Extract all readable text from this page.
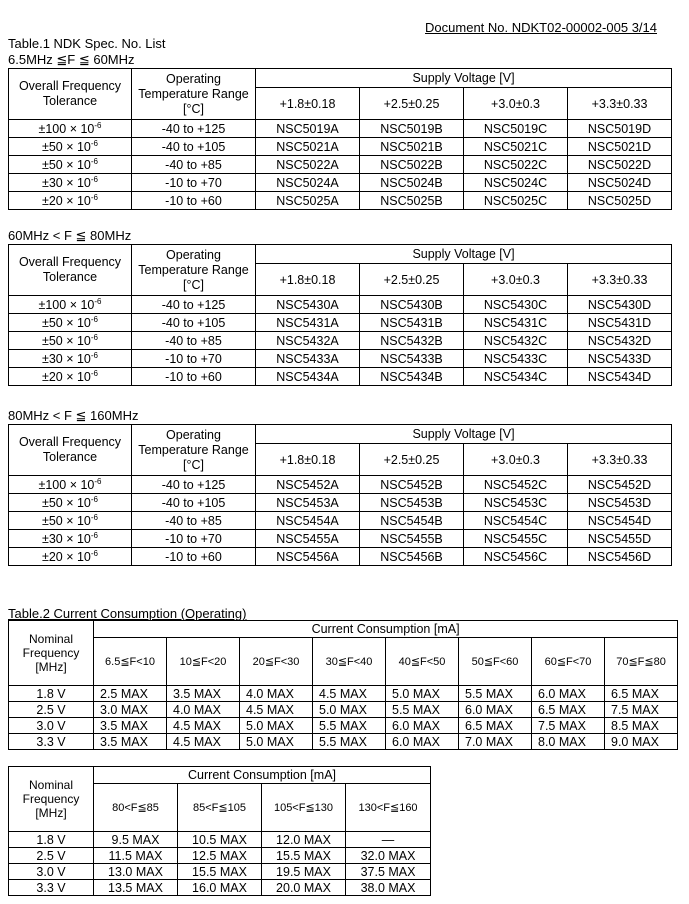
Document No. NDKT02-00002-005 3/14
Table.1 NDK Spec. No. List
6.5MHz ≦F ≦ 60MHz
Overall Frequency Tolerance	Operating Temperature Range [°C]	Supply Voltage [V]			
		+1.8±0.18	+2.5±0.25	+3.0±0.3	+3.3±0.33
$\pm 100 \times 10^{-6}$	-40 to +125	NSC5019A	NSC5019B	NSC5019C	NSC5019D
$\pm 50 \times 10^{-6}$	-40 to +105	NSC5021A	NSC5021B	NSC5021C	NSC5021D
$\pm 50 \times 10^{-6}$	-40 to +85	NSC5022A	NSC5022B	NSC5022C	NSC5022D
$\pm 30 \times 10^{-6}$	-10 to +70	NSC5024A	NSC5024B	NSC5024C	NSC5024D
$\pm 20 \times 10^{-6}$	-10 to +60	NSC5025A	NSC5025B	NSC5025C	NSC5025D
60MHz < F ≦ 80MHz
Overall Frequency Tolerance	Operating Temperature Range [°C]	Supply Voltage [V]			
		+1.8±0.18	+2.5±0.25	+3.0±0.3	+3.3±0.33
$\pm 100 \times 10^{-6}$	-40 to +125	NSC5430A	NSC5430B	NSC5430C	NSC5430D
$\pm 50 \times 10^{-6}$	-40 to +105	NSC5431A	NSC5431B	NSC5431C	NSC5431D
$\pm 50 \times 10^{-6}$	-40 to +85	NSC5432A	NSC5432B	NSC5432C	NSC5432D
$\pm 30 \times 10^{-6}$	-10 to +70	NSC5433A	NSC5433B	NSC5433C	NSC5433D
$\pm 20 \times 10^{-6}$	-10 to +60	NSC5434A	NSC5434B	NSC5434C	NSC5434D
80MHz < F ≦ 160MHz
Overall Frequency Tolerance	Operating Temperature Range [°C]	Supply Voltage [V]			
		+1.8±0.18	+2.5±0.25	+3.0±0.3	+3.3±0.33
$\pm 100 \times 10^{-6}$	-40 to +125	NSC5452A	NSC5452B	NSC5452C	NSC5452D
$\pm 50 \times 10^{-6}$	-40 to +105	NSC5453A	NSC5453B	NSC5453C	NSC5453D
$\pm 50 \times 10^{-6}$	-40 to +85	NSC5454A	NSC5454B	NSC5454C	NSC5454D
$\pm 30 \times 10^{-6}$	-10 to +70	NSC5455A	NSC5455B	NSC5455C	NSC5455D
$\pm 20 \times 10^{-6}$	-10 to +60	NSC5456A	NSC5456B	NSC5456C	NSC5456D
Table.2 Current Consumption (Operating)
Nominal Frequency [MHz]	Current Consumption [mA]							
	6.5≦F<10	10≦F<20	20≦F<30	30≦F<40	40≦F<50	50≦F<60	60≦F<70	70≦F≦80
1.8 V	2.5 MAX	3.5 MAX	4.0 MAX	4.5 MAX	5.0 MAX	5.5 MAX	6.0 MAX	6.5 MAX
2.5 V	3.0 MAX	4.0 MAX	4.5 MAX	5.0 MAX	5.5 MAX	6.0 MAX	6.5 MAX	7.5 MAX
3.0 V	3.5 MAX	4.5 MAX	5.0 MAX	5.5 MAX	6.0 MAX	6.5 MAX	7.5 MAX	8.5 MAX
3.3 V	3.5 MAX	4.5 MAX	5.0 MAX	5.5 MAX	6.0 MAX	7.0 MAX	8.0 MAX	9.0 MAX
Nominal Frequency [MHz]	Current Consumption [mA]			
	80<F≦85	85<F≦105	105<F≦130	130<F≦160
1.8 V	9.5 MAX	10.5 MAX	12.0 MAX	—
2.5 V	11.5 MAX	12.5 MAX	15.5 MAX	32.0 MAX
3.0 V	13.0 MAX	15.5 MAX	19.5 MAX	37.5 MAX
3.3 V	13.5 MAX	16.0 MAX	20.0 MAX	38.0 MAX
